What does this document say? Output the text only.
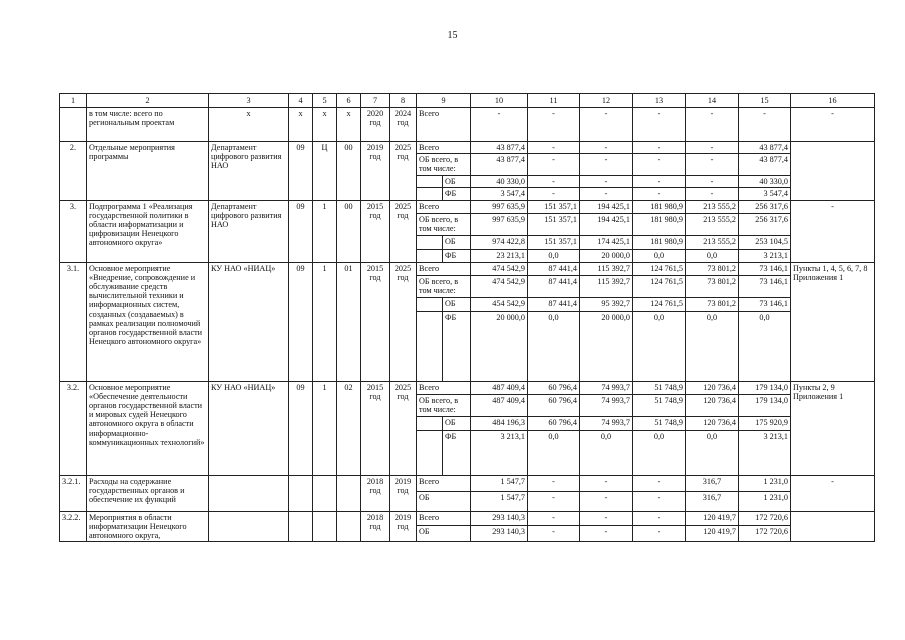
15
1	2	3	4	5	6	7	8	9		10	11	12	13	14	15	16
	в том числе: всего по региональным проектам	х	х	х	х	2020 год	2024 год	Всего		-	-	-	-	-	-	-
2.	Отдельные мероприятия программы	Департамент цифрового развития НАО	09	Ц	00	2019 год	2025 год	Всего		43 877,4	-	-	-	-	43 877,4	
								ОБ всего, в том числе:		43 877,4	-	-	-	-	43 877,4	
									ОБ	40 330,0	-	-	-	-	40 330,0	
									ФБ	3 547,4	-	-	-	-	3 547,4	
3.	Подпрограмма 1 «Реализация государственной политики в области информатизации и цифровизации Ненецкого автономного округа»	Департамент цифрового развития НАО	09	1	00	2015 год	2025 год	Всего		997 635,9	151 357,1	194 425,1	181 980,9	213 555,2	256 317,6	-
								ОБ всего, в том числе:		997 635,9	151 357,1	194 425,1	181 980,9	213 555,2	256 317,6	
									ОБ	974 422,8	151 357,1	174 425,1	181 980,9	213 555,2	253 104,5	
									ФБ	23 213,1	0,0	20 000,0	0,0	0,0	3 213,1	
3.1.	Основное мероприятие «Внедрение, сопровождение и обслуживание средств вычислительной техники и информационных систем, созданных (создаваемых) в рамках реализации полномочий органов государственной власти Ненецкого автономного округа»	КУ НАО «НИАЦ»	09	1	01	2015 год	2025 год	Всего		474 542,9	87 441,4	115 392,7	124 761,5	73 801,2	73 146,1	Пункты 1, 4, 5, 6, 7, 8 Приложения 1
								ОБ всего, в том числе:		474 542,9	87 441,4	115 392,7	124 761,5	73 801,2	73 146,1	
									ОБ	454 542,9	87 441,4	95 392,7	124 761,5	73 801,2	73 146,1	
									ФБ	20 000,0	0,0	20 000,0	0,0	0,0	0,0	
3.2.	Основное мероприятие «Обеспечение деятельности органов государственной власти и мировых судей Ненецкого автономного округа в области информационно-коммуникационных технологий»	КУ НАО «НИАЦ»	09	1	02	2015 год	2025 год	Всего		487 409,4	60 796,4	74 993,7	51 748,9	120 736,4	179 134,0	Пункты 2, 9 Приложения 1
								ОБ всего, в том числе:		487 409,4	60 796,4	74 993,7	51 748,9	120 736,4	179 134,0	
									ОБ	484 196,3	60 796,4	74 993,7	51 748,9	120 736,4	175 920,9	
									ФБ	3 213,1	0,0	0,0	0,0	0,0	3 213,1	
3.2.1.	Расходы на содержание государственных органов и обеспечение их функций					2018 год	2019 год	Всего		1 547,7	-	-	-	316,7	1 231,0	-
								ОБ		1 547,7	-	-	-	316,7	1 231,0	
3.2.2.	Мероприятия в области информатизации Ненецкого автономного округа,					2018 год	2019 год	Всего		293 140,3	-	-	-	120 419,7	172 720,6	
								ОБ		293 140,3	-	-	-	120 419,7	172 720,6	
